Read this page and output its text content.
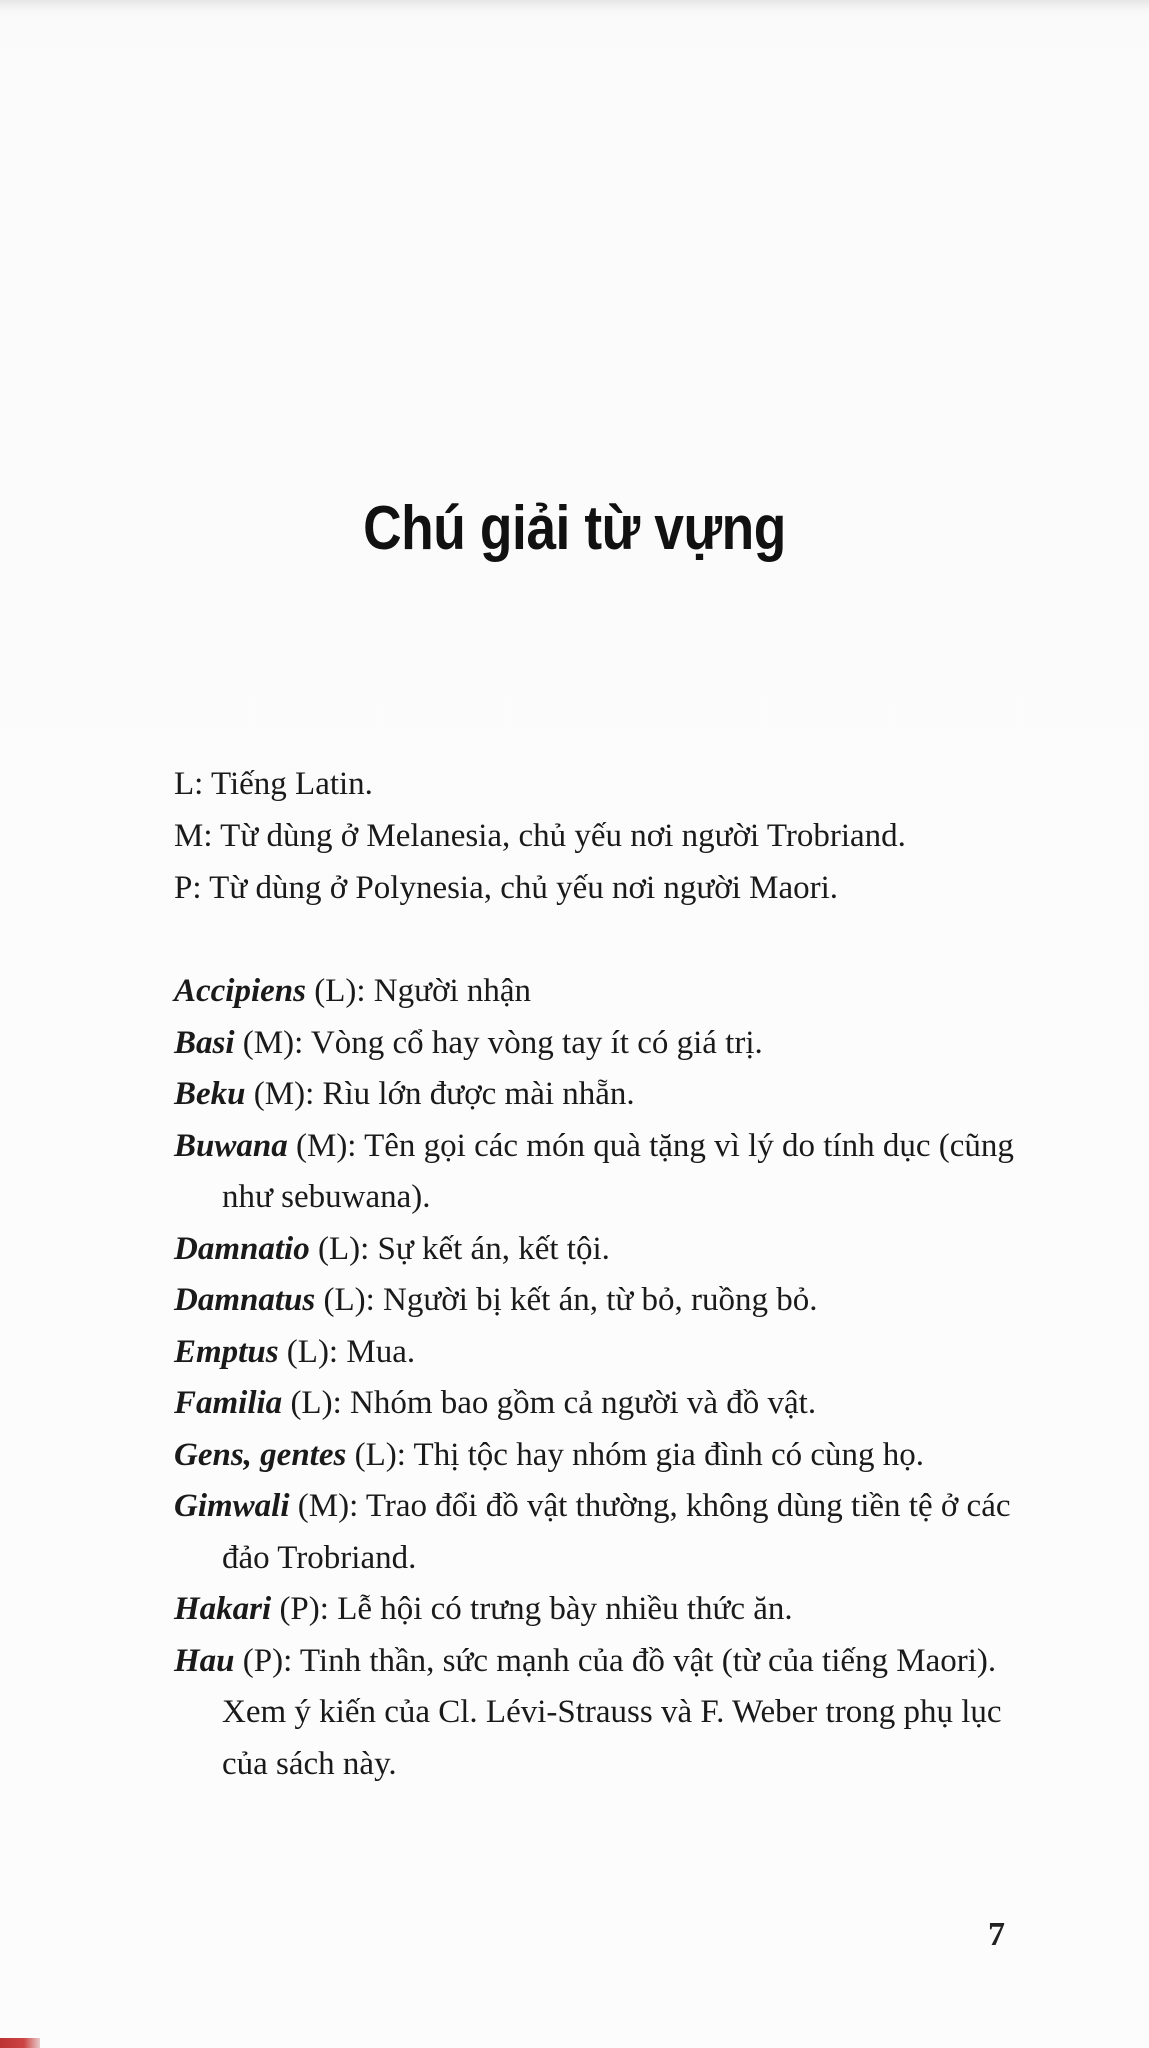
Chú giải từ vựng
L: Tiếng Latin.
M: Từ dùng ở Melanesia, chủ yếu nơi người Trobriand.
P: Từ dùng ở Polynesia, chủ yếu nơi người Maori.
Accipiens (L): Người nhận
Basi (M): Vòng cổ hay vòng tay ít có giá trị.
Beku (M): Rìu lớn được mài nhẵn.
Buwana (M): Tên gọi các món quà tặng vì lý do tính dục (cũng như sebuwana).
Damnatio (L): Sự kết án, kết tội.
Damnatus (L): Người bị kết án, từ bỏ, ruồng bỏ.
Emptus (L): Mua.
Familia (L): Nhóm bao gồm cả người và đồ vật.
Gens, gentes (L): Thị tộc hay nhóm gia đình có cùng họ.
Gimwali (M): Trao đổi đồ vật thường, không dùng tiền tệ ở các đảo Trobriand.
Hakari (P): Lễ hội có trưng bày nhiều thức ăn.
Hau (P): Tinh thần, sức mạnh của đồ vật (từ của tiếng Maori). Xem ý kiến của Cl. Lévi-Strauss và F. Weber trong phụ lục của sách này.
7
